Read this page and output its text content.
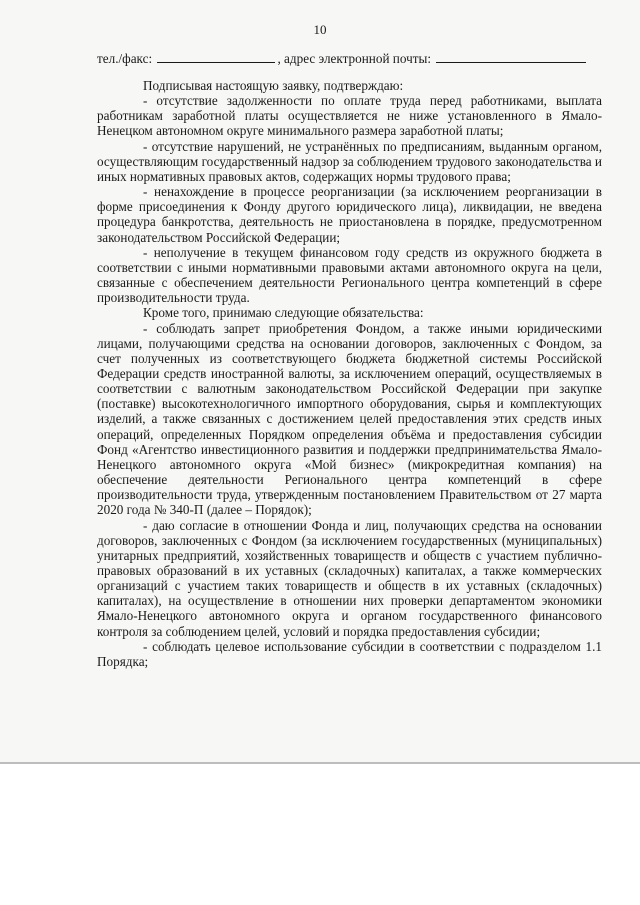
10
тел./факс:	, адрес электронной почты:

Подписывая настоящую заявку, подтверждаю:

- отсутствие задолженности по оплате труда перед работниками, выплата работникам заработной платы осуществляется не ниже установленного в Ямало-Ненецком автономном округе минимального размера заработной платы;

- отсутствие нарушений, не устранённых по предписаниям, выданным органом, осуществляющим государственный надзор за соблюдением трудового законодательства и иных нормативных правовых актов, содержащих нормы трудового права;

- ненахождение в процессе реорганизации (за исключением реорганизации в форме присоединения к Фонду другого юридического лица), ликвидации, не введена процедура банкротства, деятельность не приостановлена в порядке, предусмотренном законодательством Российской Федерации;

- неполучение в текущем финансовом году средств из окружного бюджета в соответствии с иными нормативными правовыми актами автономного округа на цели, связанные с обеспечением деятельности Регионального центра компетенций в сфере производительности труда.

Кроме того, принимаю следующие обязательства:

- соблюдать запрет приобретения Фондом, а также иными юридическими лицами, получающими средства на основании договоров, заключенных с Фондом, за счет полученных из соответствующего бюджета бюджетной системы Российской Федерации средств иностранной валюты, за исключением операций, осуществляемых в соответствии с валютным законодательством Российской Федерации при закупке (поставке) высокотехнологичного импортного оборудования, сырья и комплектующих изделий, а также связанных с достижением целей предоставления этих средств иных операций, определенных Порядком определения объёма и предоставления субсидии Фонд «Агентство инвестиционного развития и поддержки предпринимательства Ямало-Ненецкого автономного округа «Мой бизнес» (микрокредитная компания) на обеспечение деятельности Регионального центра компетенций в сфере производительности труда, утвержденным постановлением Правительством от 27 марта 2020 года № 340-П (далее – Порядок);

- даю согласие в отношении Фонда и лиц, получающих средства на основании договоров, заключенных с Фондом (за исключением государственных (муниципальных) унитарных предприятий, хозяйственных товариществ и обществ с участием публично-правовых образований в их уставных (складочных) капиталах, а также коммерческих организаций с участием таких товариществ и обществ в их уставных (складочных) капиталах), на осуществление в отношении них проверки департаментом экономики Ямало-Ненецкого автономного округа и органом государственного финансового контроля за соблюдением целей, условий и порядка предоставления субсидии;

- соблюдать целевое использование субсидии в соответствии с подразделом 1.1 Порядка;
